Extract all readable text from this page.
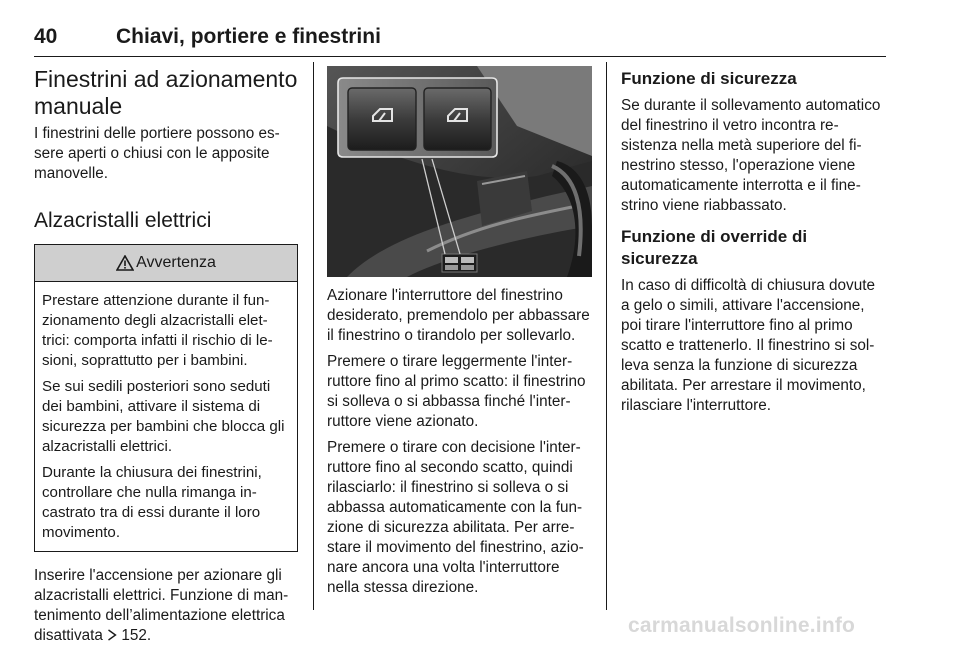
40	Chiavi, portiere e finestrini
Finestrini ad azionamento manuale

I finestrini delle portiere possono essere aperti o chiusi con le apposite manovelle.

Alzacristalli elettrici
Avvertenza

Prestare attenzione durante il funzionamento degli alzacristalli elettrici: comporta infatti il rischio di lesioni, soprattutto per i bambini.

Se sui sedili posteriori sono seduti dei bambini, attivare il sistema di sicurezza per bambini che blocca gli alzacristalli elettrici.

Durante la chiusura dei finestrini, controllare che nulla rimanga incastrato tra di essi durante il loro movimento.

Inserire l'accensione per azionare gli alzacristalli elettrici. Funzione di mantenimento dell’alimentazione elettrica disattivata 152.

Azionare l'interruttore del finestrino desiderato, premendolo per abbassare il finestrino o tirandolo per sollevarlo.

Premere o tirare leggermente l'interruttore fino al primo scatto: il finestrino si solleva o si abbassa finché l'interruttore viene azionato.

Premere o tirare con decisione l'interruttore fino al secondo scatto, quindi rilasciarlo: il finestrino si solleva o si abbassa automaticamente con la funzione di sicurezza abilitata. Per arrestare il movimento del finestrino, azionare ancora una volta l'interruttore nella stessa direzione.

Funzione di sicurezza

Se durante il sollevamento automatico del finestrino il vetro incontra resistenza nella metà superiore del finestrino stesso, l'operazione viene automaticamente interrotta e il finestrino viene riabbassato.

Funzione di override di sicurezza

In caso di difficoltà di chiusura dovute a gelo o simili, attivare l'accensione, poi tirare l'interruttore fino al primo scatto e trattenerlo. Il finestrino si solleva senza la funzione di sicurezza abilitata. Per arrestare il movimento, rilasciare l'interruttore.

carmanualsonline.info
